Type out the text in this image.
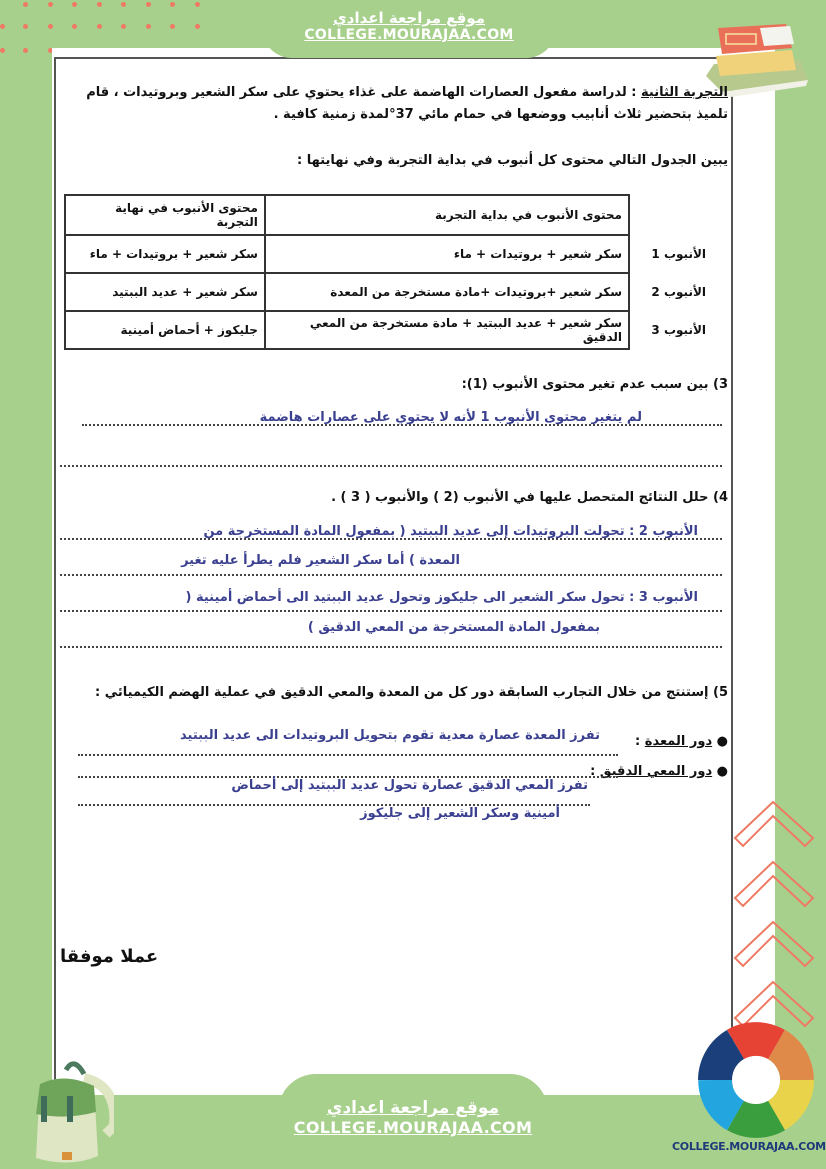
موقع مراجعة اعدادي
COLLEGE.MOURAJAA.COM
التجربة الثانية : لدراسة مفعول العصارات الهاضمة على غذاء يحتوي على سكر الشعير وبروتيدات ، قام تلميذ بتحضير ثلاث أنابيب ووضعها في حمام مائي 37°لمدة زمنية كافية .
يبين الجدول التالي محتوى كل أنبوب في بداية التجربة وفي نهايتها :
	محتوى الأنبوب في بداية التجربة	محتوى الأنبوب في نهاية التجربة
الأنبوب 1	سكر شعير + بروتيدات + ماء	سكر شعير + بروتيدات + ماء
الأنبوب 2	سكر شعير +بروتيدات +مادة مستخرجة من المعدة	سكر شعير + عديد الببتيد
الأنبوب 3	سكر شعير + عديد الببتيد + مادة مستخرجة من المعي الدقيق	جليكوز + أحماض أمينية
3) بين سبب عدم تغير محتوى الأنبوب (1):
لم يتغير محتوى الأنبوب 1 لأنه لا يحتوي على عصارات هاضمة
4) حلل النتائج المتحصل عليها في الأنبوب (2 ) والأنبوب ( 3 ) .
الأنبوب 2 : تحولت البروتيدات إلى عديد الببتيد ( بمفعول المادة المستخرجة من
المعدة ) أما سكر الشعير فلم يطرأ عليه تغير
الأنبوب 3 : تحول سكر الشعير الى جليكوز وتحول عديد الببتيد الى أحماض أمينية (
بمفعول المادة المستخرجة من المعي الدقيق )
5) إستنتج من خلال التجارب السابقة دور كل من المعدة والمعي الدقيق في عملية الهضم الكيميائي :
● دور المعدة :
تفرز المعدة عصارة معدية تقوم بتحويل البروتيدات الى عديد الببتيد
● دور المعي الدقيق :
تفرز المعي الدقيق عصارة تحول عديد الببتيد إلى أحماض
أمينية وسكر الشعير إلى جليكوز
عملا موفقا
موقع مراجعة اعدادي
COLLEGE.MOURAJAA.COM
COLLEGE.MOURAJAA.COM
